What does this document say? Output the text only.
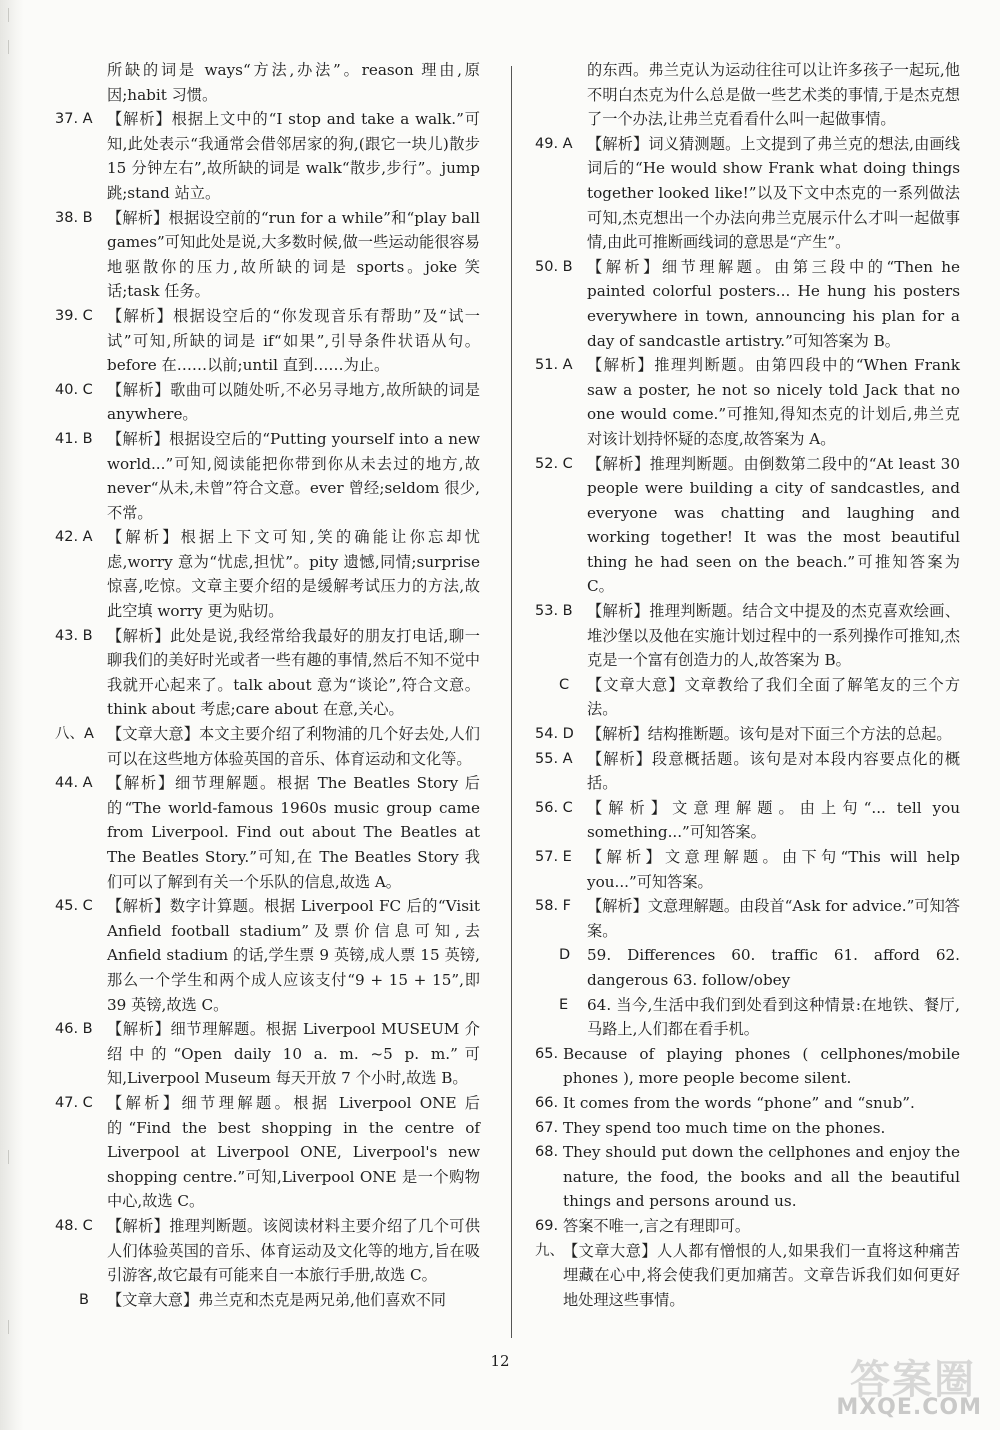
所缺的词是 ways“方法,办法”。reason 理由,原因;habit 习惯。
37. A 【解析】根据上文中的“I stop and take a walk.”可知,此处表示“我通常会借邻居家的狗,(跟它一块儿)散步 15 分钟左右”,故所缺的词是 walk“散步,步行”。jump 跳;stand 站立。
38. B 【解析】根据设空前的“run for a while”和“play ball games”可知此处是说,大多数时候,做一些运动能很容易地驱散你的压力,故所缺的词是 sports。joke 笑话;task 任务。
39. C 【解析】根据设空后的“你发现音乐有帮助”及“试一试”可知,所缺的词是 if“如果”,引导条件状语从句。before 在……以前;until 直到……为止。
40. C 【解析】歌曲可以随处听,不必另寻地方,故所缺的词是 anywhere。
41. B 【解析】根据设空后的“Putting yourself into a new world...”可知,阅读能把你带到你从未去过的地方,故 never“从未,未曾”符合文意。ever 曾经;seldom 很少,不常。
42. A 【解析】根据上下文可知,笑的确能让你忘却忧虑,worry 意为“忧虑,担忧”。pity 遗憾,同情;surprise 惊喜,吃惊。文章主要介绍的是缓解考试压力的方法,故此空填 worry 更为贴切。
43. B 【解析】此处是说,我经常给我最好的朋友打电话,聊一聊我们的美好时光或者一些有趣的事情,然后不知不觉中我就开心起来了。talk about 意为“谈论”,符合文意。think about 考虑;care about 在意,关心。
八、A 【文章大意】本文主要介绍了利物浦的几个好去处,人们可以在这些地方体验英国的音乐、体育运动和文化等。
44. A 【解析】细节理解题。根据 The Beatles Story 后的“The world-famous 1960s music group came from Liverpool. Find out about The Beatles at The Beatles Story.”可知,在 The Beatles Story 我们可以了解到有关一个乐队的信息,故选 A。
45. C 【解析】数字计算题。根据 Liverpool FC 后的“Visit Anfield football stadium”及票价信息可知,去 Anfield stadium 的话,学生票 9 英镑,成人票 15 英镑,那么一个学生和两个成人应该支付“9 + 15 + 15”,即 39 英镑,故选 C。
46. B 【解析】细节理解题。根据 Liverpool MUSEUM 介绍中的“Open daily 10 a. m. ~5 p. m.”可知,Liverpool Museum 每天开放 7 个小时,故选 B。
47. C 【解析】细节理解题。根据 Liverpool ONE 后的“Find the best shopping in the centre of Liverpool at Liverpool ONE, Liverpool's new shopping centre.”可知,Liverpool ONE 是一个购物中心,故选 C。
48. C 【解析】推理判断题。该阅读材料主要介绍了几个可供人们体验英国的音乐、体育运动及文化等的地方,旨在吸引游客,故它最有可能来自一本旅行手册,故选 C。
B	【文章大意】弗兰克和杰克是两兄弟,他们喜欢不同
的东西。弗兰克认为运动往往可以让许多孩子一起玩,他不明白杰克为什么总是做一些艺术类的事情,于是杰克想了一个办法,让弗兰克看看什么叫一起做事情。
49. A 【解析】词义猜测题。上文提到了弗兰克的想法,由画线词后的“He would show Frank what doing things together looked like!”以及下文中杰克的一系列做法可知,杰克想出一个办法向弗兰克展示什么才叫一起做事情,由此可推断画线词的意思是“产生”。
50. B 【解析】细节理解题。由第三段中的“Then he painted colorful posters... He hung his posters everywhere in town, announcing his plan for a day of sandcastle artistry.”可知答案为 B。
51. A 【解析】推理判断题。由第四段中的“When Frank saw a poster, he not so nicely told Jack that no one would come.”可推知,得知杰克的计划后,弗兰克对该计划持怀疑的态度,故答案为 A。
52. C 【解析】推理判断题。由倒数第二段中的“At least 30 people were building a city of sandcastles, and everyone was chatting and laughing and working together! It was the most beautiful thing he had seen on the beach.”可推知答案为 C。
53. B 【解析】推理判断题。结合文中提及的杰克喜欢绘画、堆沙堡以及他在实施计划过程中的一系列操作可推知,杰克是一个富有创造力的人,故答案为 B。
C	【文章大意】文章教给了我们全面了解笔友的三个方法。
54. D 【解析】结构推断题。该句是对下面三个方法的总起。
55. A 【解析】段意概括题。该句是对本段内容要点化的概括。
56. C 【解析】文意理解题。由上句“... tell you something...”可知答案。
57. E 【解析】文意理解题。由下句“This will help you...”可知答案。
58. F	【解析】文意理解题。由段首“Ask for advice.”可知答案。
D	59. Differences 60. traffic 61. afford 62. dangerous 63. follow/obey
E	64. 当今,生活中我们到处看到这种情景:在地铁、餐厅,马路上,人们都在看手机。
65. Because of playing phones ( cellphones/mobile phones ), more people become silent.
66. It comes from the words “phone” and “snub”.
67. They spend too much time on the phones.
68. They should put down the cellphones and enjoy the nature, the food, the books and all the beautiful things and persons around us.
69. 答案不唯一,言之有理即可。
九、 【文章大意】人人都有憎恨的人,如果我们一直将这种痛苦埋藏在心中,将会使我们更加痛苦。文章告诉我们如何更好地处理这些事情。
12	答案圈
MXQE.COM
